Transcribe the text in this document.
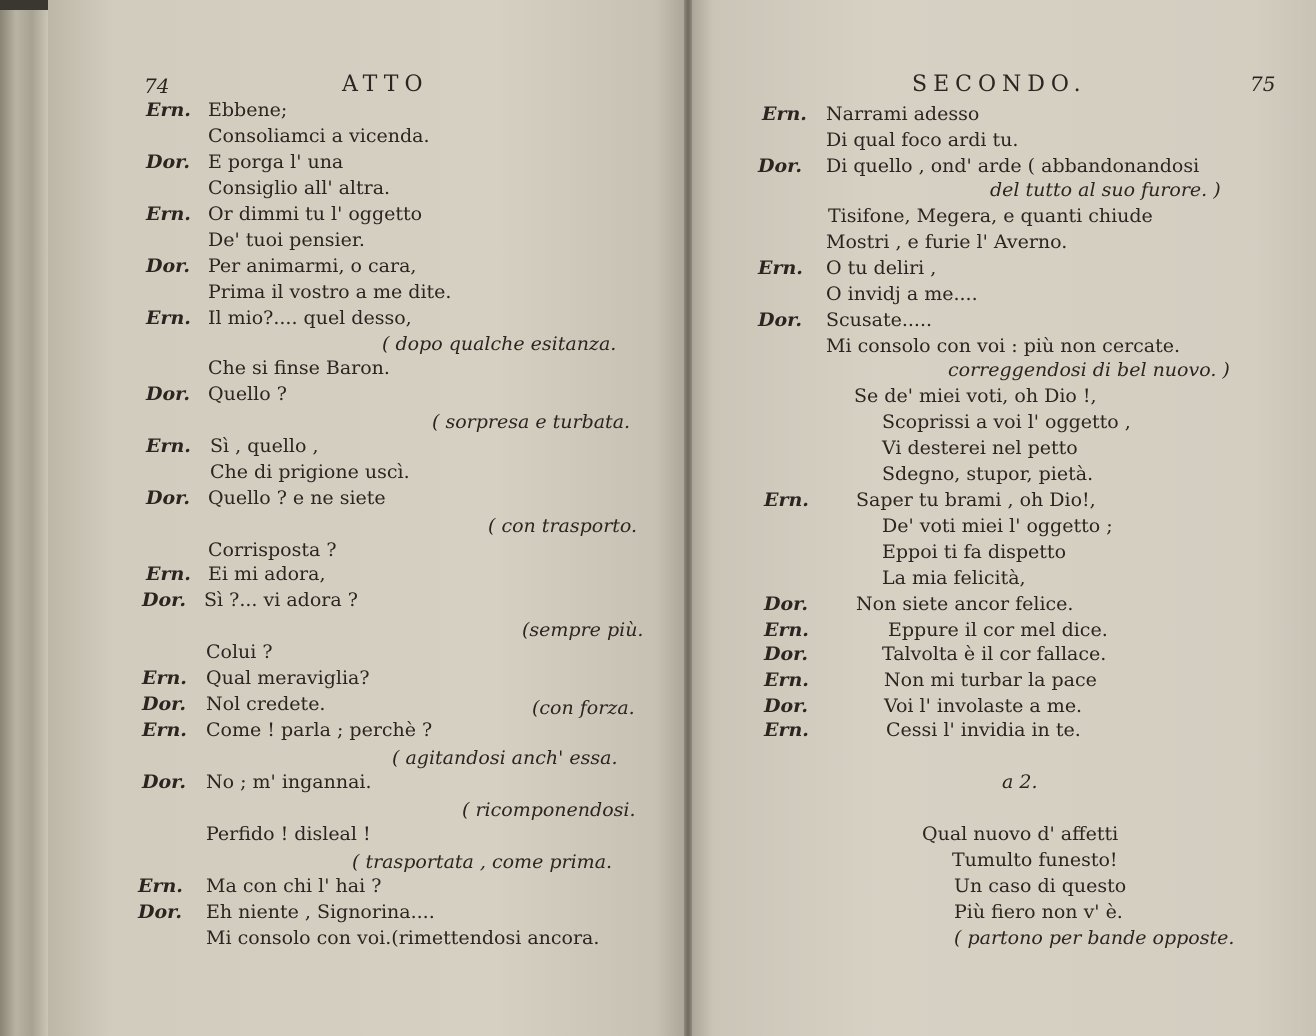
74	ATTO
Ern. Ebbene;
Consoliamci a vicenda.
Dor. E porga l' una
Consiglio all' altra.
Ern. Or dimmi tu l' oggetto
De' tuoi pensier.
Dor. Per animarmi, o cara,
Prima il vostro a me dite.
Ern. Il mio?.... quel desso,
( dopo qualche esitanza.
Che si finse Baron.
Dor. Quello ?
( sorpresa e turbata.
Ern. Sì , quello ,
Che di prigione uscì.
Dor. Quello ? e ne siete
( con trasporto.
Corrisposta ?
Ern. Ei mi adora,
Dor. Sì ?... vi adora ?
(sempre più.
Colui ?
Ern. Qual meraviglia?
Dor. Nol credete.	(con forza.
Ern. Come ! parla ; perchè ?
( agitandosi anch' essa.
Dor. No ; m' ingannai.
( ricomponendosi.
Perfido ! disleal !
( trasportata , come prima.
Ern. Ma con chi l' hai ?
Dor. Eh niente , Signorina....
Mi consolo con voi.(rimettendosi ancora.
SECONDO.	75
Ern. Narrami adesso
Di qual foco ardi tu.
Dor. Di quello , ond' arde ( abbandonandosi
del tutto al suo furore. )
Tisifone, Megera, e quanti chiude
Mostri , e furie l' Averno.
Ern. O tu deliri ,
O invidj a me....
Dor. Scusate.....
Mi consolo con voi : più non cercate.
correggendosi di bel nuovo. )
Se de' miei voti, oh Dio !,
Scoprissi a voi l' oggetto ,
Vi desterei nel petto
Sdegno, stupor, pietà.
Ern. Saper tu brami , oh Dio!,
De' voti miei l' oggetto ;
Eppoi ti fa dispetto
La mia felicità,
Dor.	Non siete ancor felice.
Ern.	Eppure il cor mel dice.
Dor.	Talvolta è il cor fallace.
Ern.	Non mi turbar la pace
Dor.	Voi l' involaste a me.
Ern.	Cessi l' invidia in te.
a 2.
Qual nuovo d' affetti
Tumulto funesto!
Un caso di questo
Più fiero non v' è.
( partono per bande opposte.
